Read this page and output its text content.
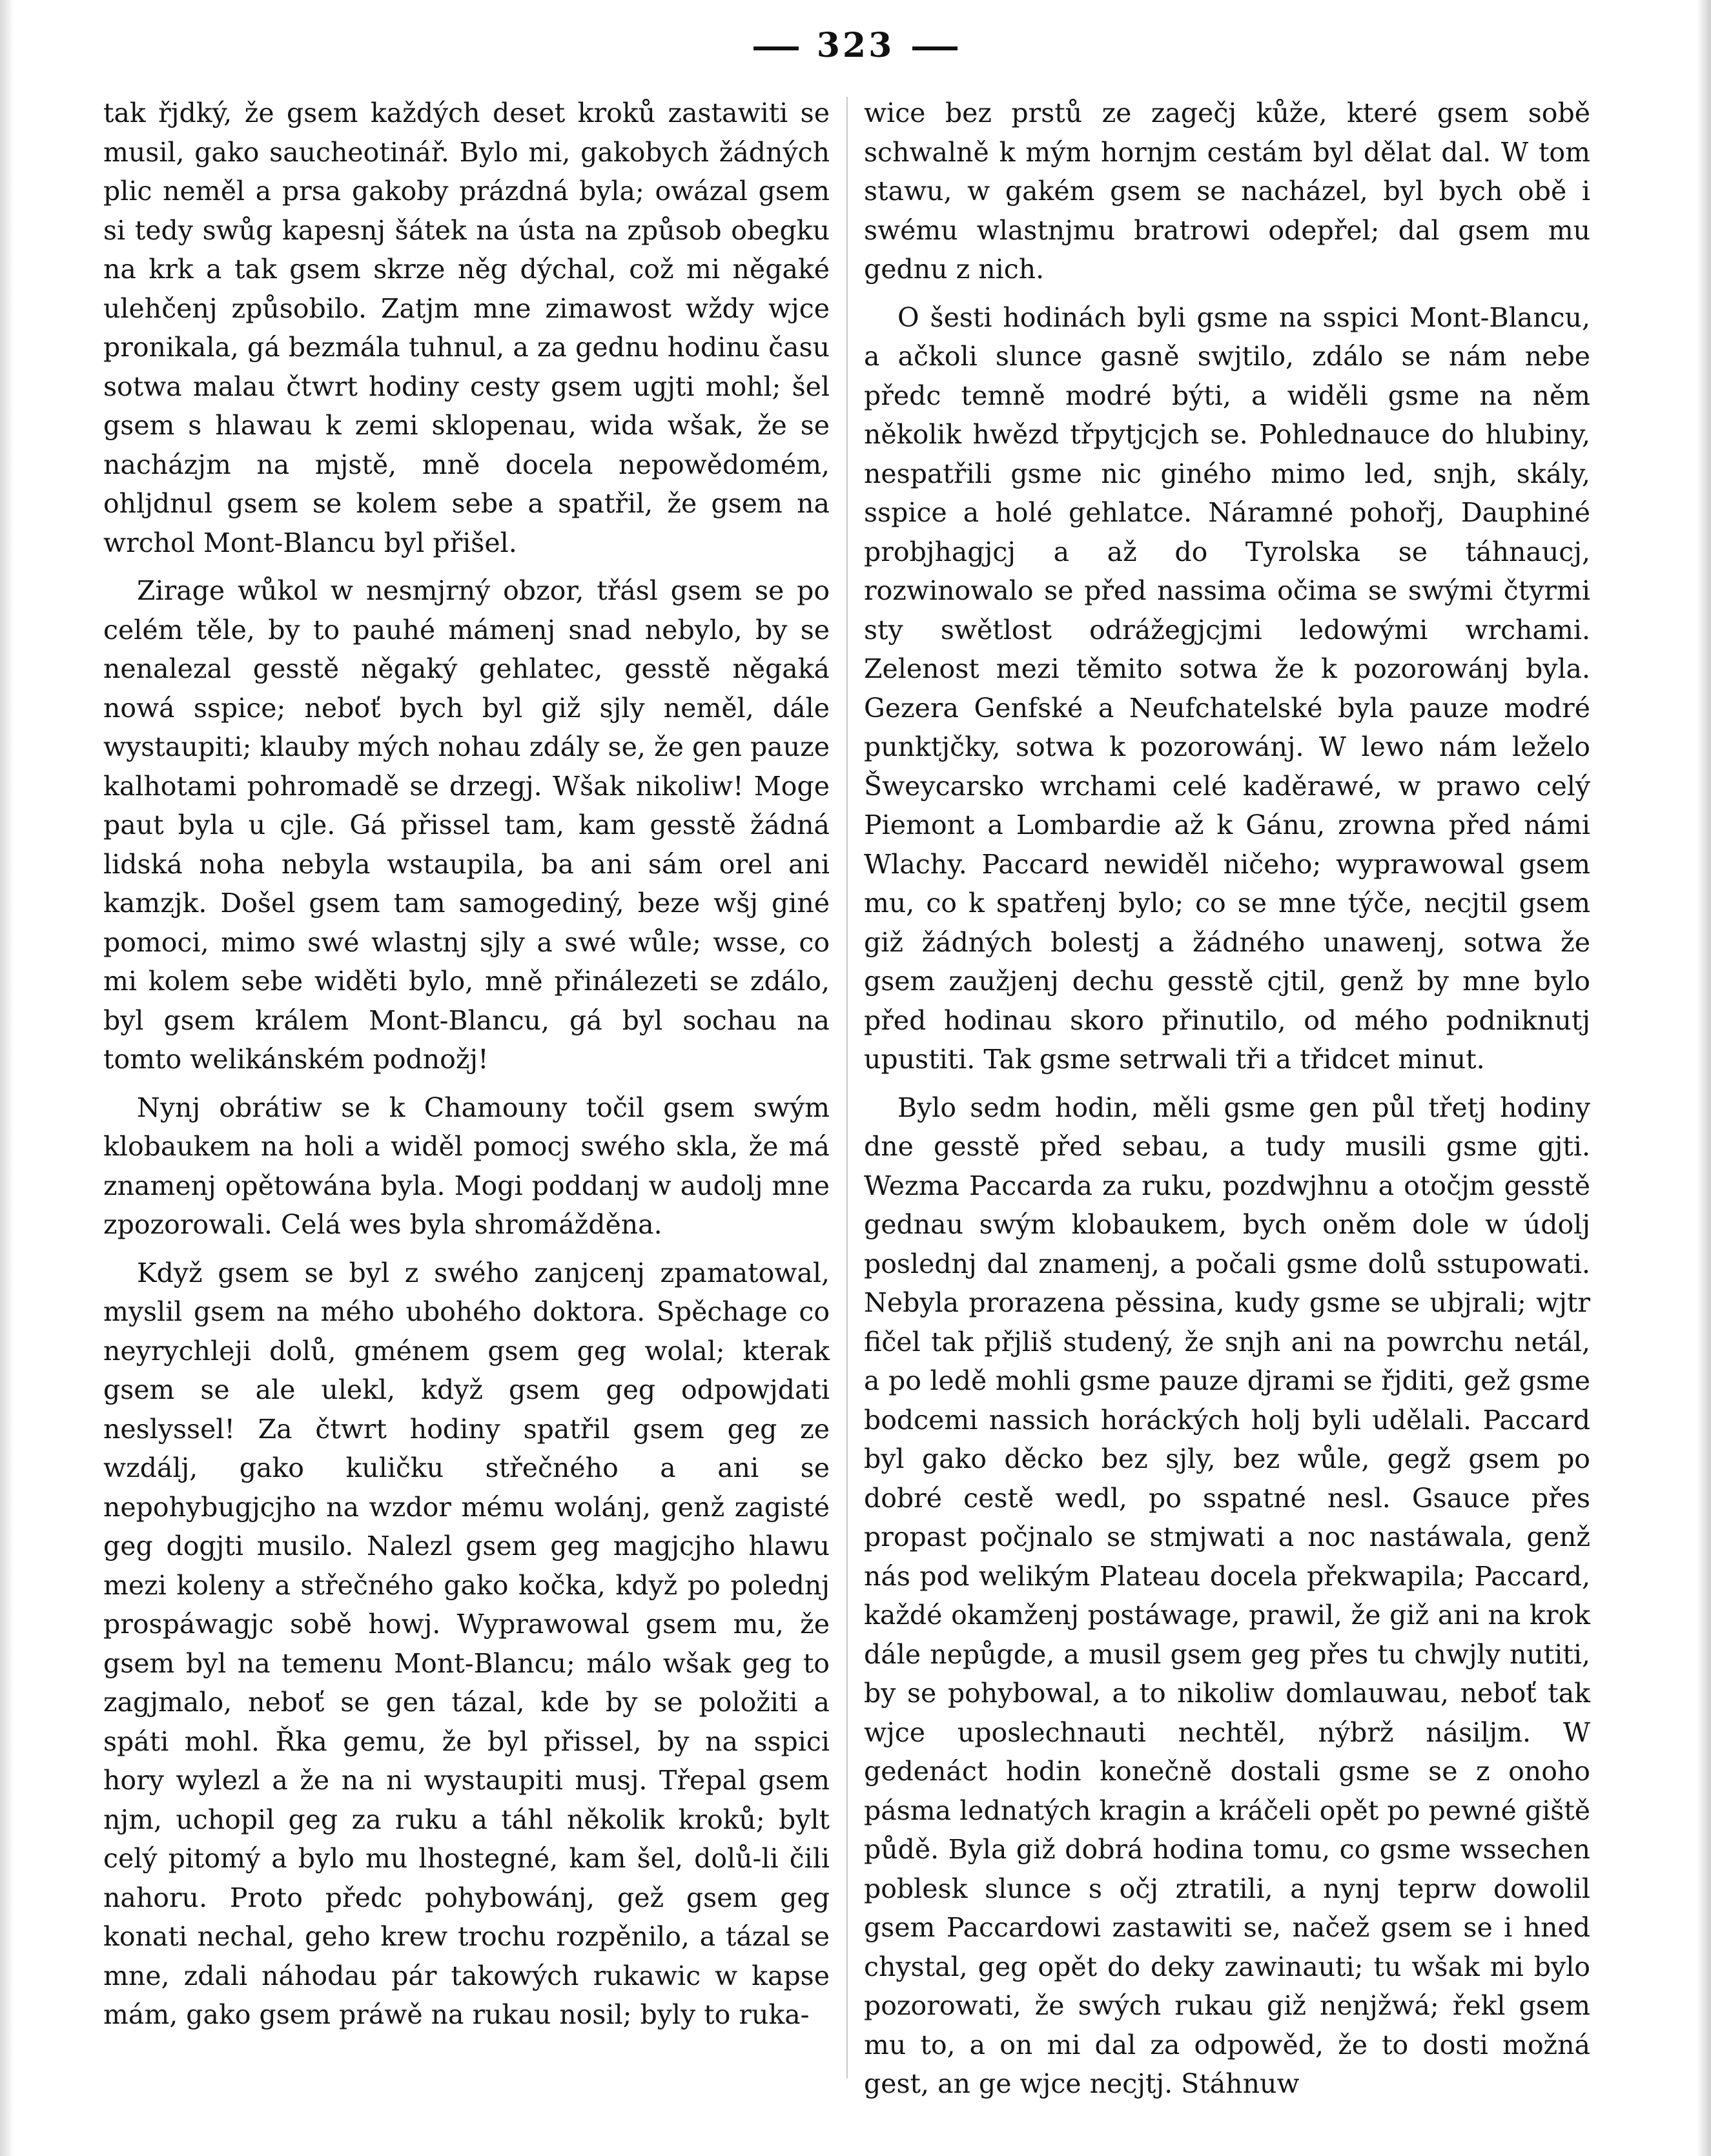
323

tak řjdký, že gsem každých deset kroků zastawiti se musil, gako saucheotinář. Bylo mi, gakobych žádných plic neměl a prsa gakoby prázdná byla; owázal gsem si tedy swůg kapesnj šátek na ústa na způsob obegku na krk a tak gsem skrze něg dýchal, což mi něgaké ulehčenj způsobilo. Zatjm mne zimawost wždy wjce pronikala, gá bezmála tuhnul, a za gednu hodinu času sotwa malau čtwrt hodiny cesty gsem ugjti mohl; šel gsem s hlawau k zemi sklopenau, wida wšak, že se nacházjm na mjstě, mně docela nepowědomém, ohljdnul gsem se kolem sebe a spatřil, že gsem na wrchol Mont-Blancu byl přišel.

Zirage wůkol w nesmjrný obzor, třásl gsem se po celém těle, by to pauhé mámenj snad nebylo, by se nenalezal gesstě něgaký gehlatec, gesstě něgaká nowá sspice; neboť bych byl giž sjly neměl, dále wystaupiti; klauby mých nohau zdály se, že gen pauze kalhotami pohromadě se drzegj. Wšak nikoliw! Moge paut byla u cjle. Gá přissel tam, kam gesstě žádná lidská noha nebyla wstaupila, ba ani sám orel ani kamzjk. Došel gsem tam samogediný, beze wšj giné pomoci, mimo swé wlastnj sjly a swé wůle; wsse, co mi kolem sebe widěti bylo, mně přinálezeti se zdálo, byl gsem králem Mont-Blancu, gá byl sochau na tomto welikánském podnožj!

Nynj obrátiw se k Chamouny točil gsem swým klobaukem na holi a widěl pomocj swého skla, že má znamenj opětowána byla. Mogi poddanj w audolj mne zpozorowali. Celá wes byla shromážděna.

Když gsem se byl z swého zanjcenj zpamatowal, myslil gsem na mého ubohého doktora. Spěchage co neyrychleji dolů, gménem gsem geg wolal; kterak gsem se ale ulekl, když gsem geg odpowjdati neslyssel! Za čtwrt hodiny spatřil gsem geg ze wzdálj, gako kuličku střečného a ani se nepohybugjcjho na wzdor mému wolánj, genž zagisté geg dogjti musilo. Nalezl gsem geg magjcjho hlawu mezi koleny a střečného gako kočka, když po polednj prospáwagjc sobě howj. Wyprawowal gsem mu, že gsem byl na temenu Mont-Blancu; málo wšak geg to zagjmalo, neboť se gen tázal, kde by se položiti a spáti mohl. Řka gemu, že byl přissel, by na sspici hory wylezl a že na ni wystaupiti musj. Třepal gsem njm, uchopil geg za ruku a táhl několik kroků; bylt celý pitomý a bylo mu lhostegné, kam šel, dolů-li čili nahoru. Proto předc pohybowánj, gež gsem geg konati nechal, geho krew trochu rozpěnilo, a tázal se mne, zdali náhodau pár takowých rukawic w kapse mám, gako gsem práwě na rukau nosil; byly to ruka-

wice bez prstů ze zagečj kůže, které gsem sobě schwalně k mým hornjm cestám byl dělat dal. W tom stawu, w gakém gsem se nacházel, byl bych obě i swému wlastnjmu bratrowi odepřel; dal gsem mu gednu z nich.

O šesti hodinách byli gsme na sspici Mont-Blancu, a ačkoli slunce gasně swjtilo, zdálo se nám nebe předc temně modré býti, a widěli gsme na něm několik hwězd třpytjcjch se. Pohlednauce do hlubiny, nespatřili gsme nic giného mimo led, snjh, skály, sspice a holé gehlatce. Náramné pohořj, Dauphiné probjhagjcj a až do Tyrolska se táhnaucj, rozwinowalo se před nassima očima se swými čtyrmi sty swětlost odrážegjcjmi ledowými wrchami. Zelenost mezi těmito sotwa že k pozorowánj byla. Gezera Genfské a Neufchatelské byla pauze modré punktjčky, sotwa k pozorowánj. W lewo nám leželo Šweycarsko wrchami celé kaděrawé, w prawo celý Piemont a Lombardie až k Gánu, zrownа před námi Wlachy. Paccard newiděl ničeho; wyprawowal gsem mu, co k spatřenj bylo; co se mne týče, necjtil gsem giž žádných bolestj a žádného unawenj, sotwa že gsem zaužjenj dechu gesstě cjtil, genž by mne bylo před hodinau skoro přinutilo, od mého podniknutj upustiti. Tak gsme setrwali tři a třidcet minut.

Bylo sedm hodin, měli gsme gen půl třetj hodiny dne gesstě před sebau, a tudy musili gsme gjti. Wezma Paccarda za ruku, pozdwjhnu a otočjm gesstě gednau swým klobaukem, bych oněm dole w údolj poslednj dal znamenj, a počali gsme dolů sstupowati. Nebyla prorazena pěssina, kudy gsme se ubjrali; wjtr fičel tak přjliš studený, že snjh ani na powrchu netál, a po ledě mohli gsme pauze djrami se řjditi, gež gsme bodcemi nassich horáckých holj byli udělali. Paccard byl gako děcko bez sjly, bez wůle, gegž gsem po dobré cestě wedl, po sspatné nesl. Gsauce přes propast počjnalo se stmjwati a noc nastáwala, genž nás pod welikým Plateau docela překwapila; Paccard, každé okamženj postáwage, prawil, že giž ani na krok dále nepůgde, a musil gsem geg přes tu chwjly nutiti, by se pohybowal, a to nikoliw domlauwau, neboť tak wjce uposlechnauti nechtěl, nýbrž násiljm. W gedenáct hodin konečně dostali gsme se z onoho pásma lednatých kragin a kráčeli opět po pewné giště půdě. Byla giž dobrá hodina tomu, co gsme wssechen poblesk slunce s očj ztratili, a nynj teprw dowolil gsem Paccardowi zastawiti se, načež gsem se i hned chystal, geg opět do deky zawinauti; tu wšak mi bylo pozorowati, že swých rukau giž nenjžwá; řekl gsem mu to, a on mi dal za odpowěd, že to dosti možná gest, an ge wjce necjtj. Stáhnuw
